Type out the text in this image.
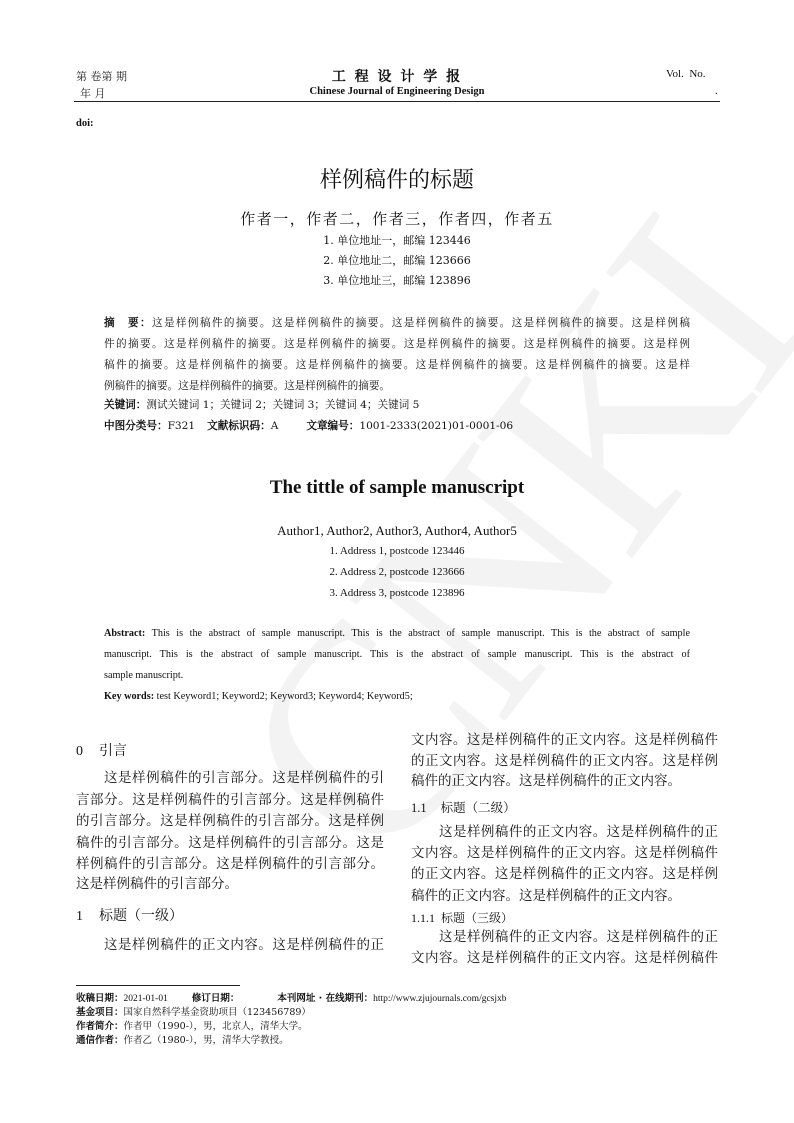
第 卷第 期
年 月
工 程 设 计 学 报
Chinese Journal of Engineering Design
Vol.  No.
.
doi:
样例稿件的标题
作者一，作者二，作者三，作者四，作者五
1. 单位地址一，邮编 123446
2. 单位地址二，邮编 123666
3. 单位地址三，邮编 123896
摘　要：这是样例稿件的摘要。这是样例稿件的摘要。这是样例稿件的摘要。这是样例稿件的摘要。这是样例稿
件的摘要。这是样例稿件的摘要。这是样例稿件的摘要。这是样例稿件的摘要。这是样例稿件的摘要。这是样例
稿件的摘要。这是样例稿件的摘要。这是样例稿件的摘要。这是样例稿件的摘要。这是样例稿件的摘要。这是样
例稿件的摘要。这是样例稿件的摘要。这是样例稿件的摘要。
关键词：测试关键词 1；关键词 2；关键词 3；关键词 4；关键词 5
中图分类号：F321 文献标识码：A	文章编号：1001-2333(2021)01-0001-06
The tittle of sample manuscript
Author1, Author2, Author3, Author4, Author5
1. Address 1, postcode 123446
2. Address 2, postcode 123666
3. Address 3, postcode 123896
Abstract: This is the abstract of sample manuscript. This is the abstract of sample manuscript. This is the abstract of sample
manuscript. This is the abstract of sample manuscript. This is the abstract of sample manuscript. This is the abstract of
sample manuscript.
Key words: test Keyword1; Keyword2; Keyword3; Keyword4; Keyword5;
0 引言
这是样例稿件的引言部分。这是样例稿件的引
言部分。这是样例稿件的引言部分。这是样例稿件
的引言部分。这是样例稿件的引言部分。这是样例
稿件的引言部分。这是样例稿件的引言部分。这是
样例稿件的引言部分。这是样例稿件的引言部分。
这是样例稿件的引言部分。
1 标题（一级）
这是样例稿件的正文内容。这是样例稿件的正
文内容。这是样例稿件的正文内容。这是样例稿件
的正文内容。这是样例稿件的正文内容。这是样例
稿件的正文内容。这是样例稿件的正文内容。
1.1 标题（二级）
这是样例稿件的正文内容。这是样例稿件的正
文内容。这是样例稿件的正文内容。这是样例稿件
的正文内容。这是样例稿件的正文内容。这是样例
稿件的正文内容。这是样例稿件的正文内容。
1.1.1 标题（三级）
这是样例稿件的正文内容。这是样例稿件的正
文内容。这是样例稿件的正文内容。这是样例稿件
收稿日期：2021-01-01	修订日期：	本刊网址 · 在线期刊：http://www.zjujournals.com/gcsjxb
基金项目：国家自然科学基金资助项目（123456789）
作者简介：作者甲（1990-），男，北京人，清华大学。
通信作者：作者乙（1980-），男，清华大学教授。
